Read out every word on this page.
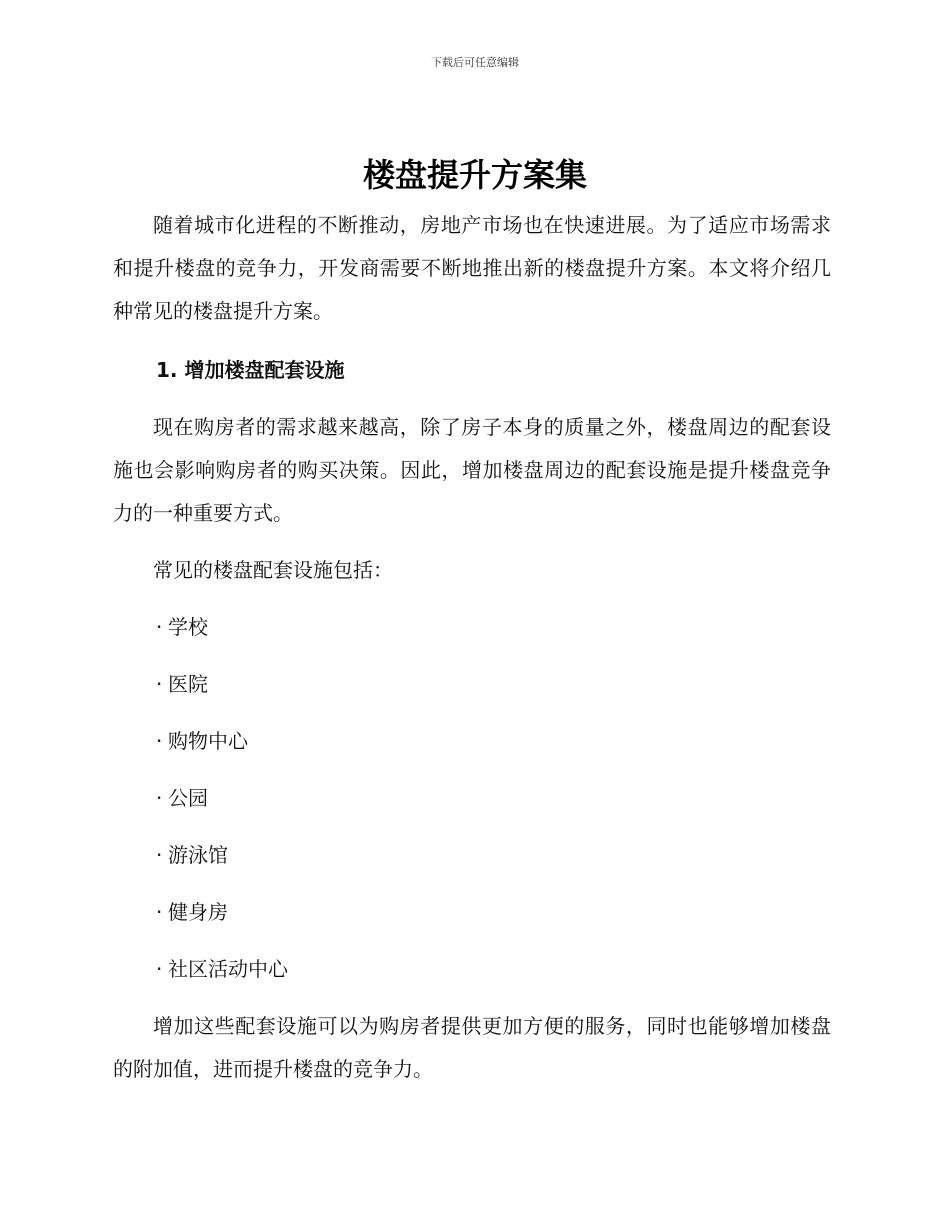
下载后可任意编辑
楼盘提升方案集

随着城市化进程的不断推动，房地产市场也在快速进展。为了适应市场需求和提升楼盘的竞争力，开发商需要不断地推出新的楼盘提升方案。本文将介绍几种常见的楼盘提升方案。

1. 增加楼盘配套设施

现在购房者的需求越来越高，除了房子本身的质量之外，楼盘周边的配套设施也会影响购房者的购买决策。因此，增加楼盘周边的配套设施是提升楼盘竞争力的一种重要方式。

常见的楼盘配套设施包括：

· 学校
· 医院
· 购物中心
· 公园
· 游泳馆
· 健身房
· 社区活动中心

增加这些配套设施可以为购房者提供更加方便的服务，同时也能够增加楼盘的附加值，进而提升楼盘的竞争力。
